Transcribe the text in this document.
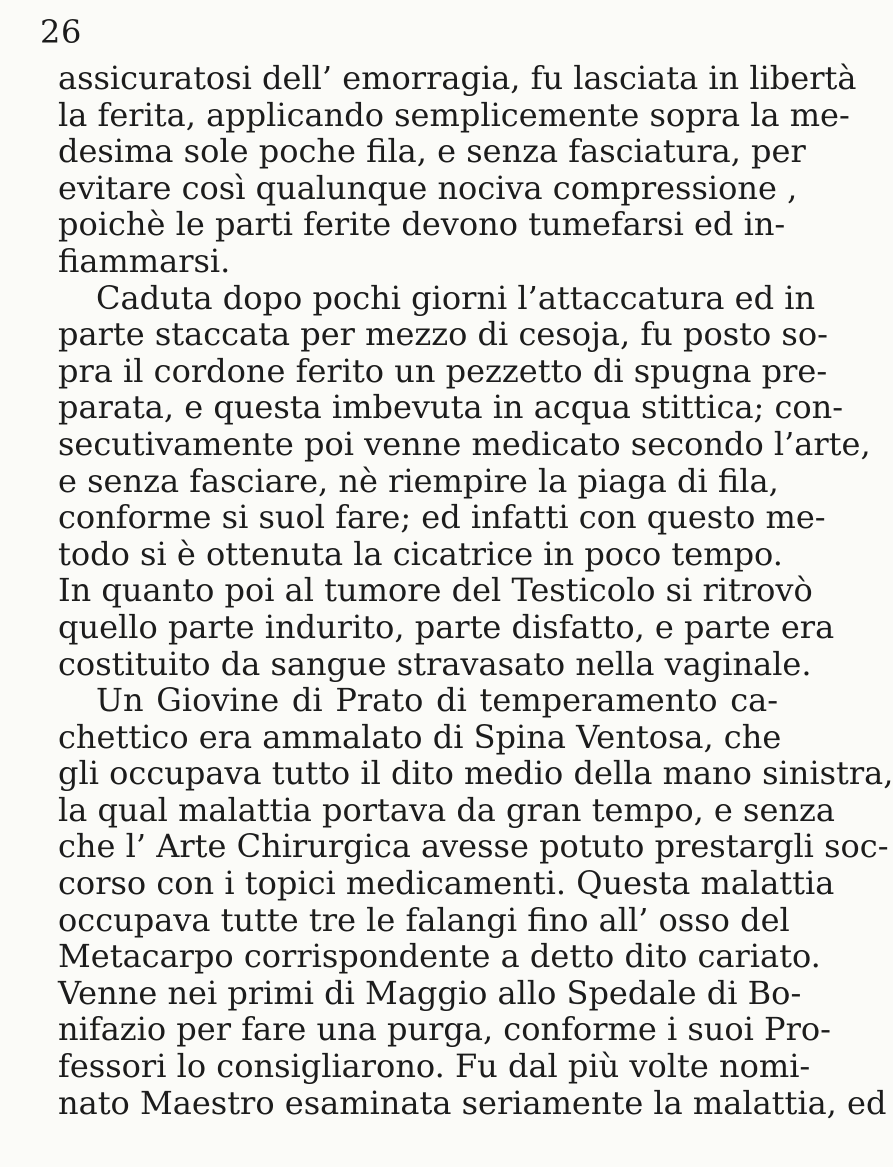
26
assicuratosi dell’ emorragia, fu lasciata in libertà
la ferita, applicando semplicemente sopra la me-
desima sole poche fila, e senza fasciatura, per
evitare così qualunque nociva compressione ,
poichè le parti ferite devono tumefarsi ed in-
fiammarsi.
Caduta dopo pochi giorni l’attaccatura ed in
parte staccata per mezzo di cesoja, fu posto so-
pra il cordone ferito un pezzetto di spugna pre-
parata, e questa imbevuta in acqua stittica; con-
secutivamente poi venne medicato secondo l’arte,
e senza fasciare, nè riempire la piaga di fila,
conforme si suol fare; ed infatti con questo me-
todo si è ottenuta la cicatrice in poco tempo.
In quanto poi al tumore del Testicolo si ritrovò
quello parte indurito, parte disfatto, e parte era
costituito da sangue stravasato nella vaginale.
Un Giovine di Prato di temperamento ca-
chettico era ammalato di Spina Ventosa, che
gli occupava tutto il dito medio della mano sinistra,
la qual malattia portava da gran tempo, e senza
che l’ Arte Chirurgica avesse potuto prestargli soc-
corso con i topici medicamenti. Questa malattia
occupava tutte tre le falangi fino all’ osso del
Metacarpo corrispondente a detto dito cariato.
Venne nei primi di Maggio allo Spedale di Bo-
nifazio per fare una purga, conforme i suoi Pro-
fessori lo consigliarono. Fu dal più volte nomi-
nato Maestro esaminata seriamente la malattia, ed
